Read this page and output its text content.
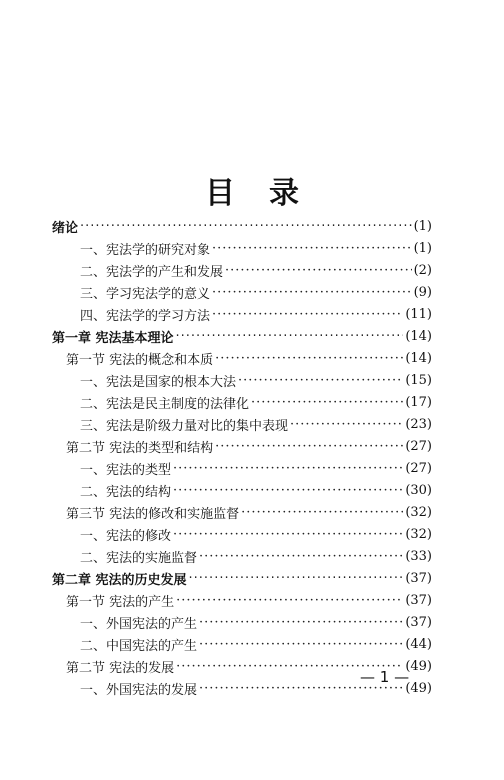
目录
绪论 ·····	(1)
一、宪法学的研究对象 ·····	(1)
二、宪法学的产生和发展 ·····	(2)
三、学习宪法学的意义 ·····	(9)
四、宪法学的学习方法 ·····	(11)
第一章 宪法基本理论 ·····	(14)
第一节 宪法的概念和本质 ·····	(14)
一、宪法是国家的根本大法 ·····	(15)
二、宪法是民主制度的法律化 ·····	(17)
三、宪法是阶级力量对比的集中表现 ·····	(23)
第二节 宪法的类型和结构 ·····	(27)
一、宪法的类型 ·····	(27)
二、宪法的结构 ·····	(30)
第三节 宪法的修改和实施监督 ·····	(32)
一、宪法的修改 ·····	(32)
二、宪法的实施监督 ·····	(33)
第二章 宪法的历史发展 ·····	(37)
第一节 宪法的产生 ·····	(37)
一、外国宪法的产生 ·····	(37)
二、中国宪法的产生 ·····	(44)
第二节 宪法的发展 ·····	(49)
一、外国宪法的发展 ·····	(49)
— 1 —
